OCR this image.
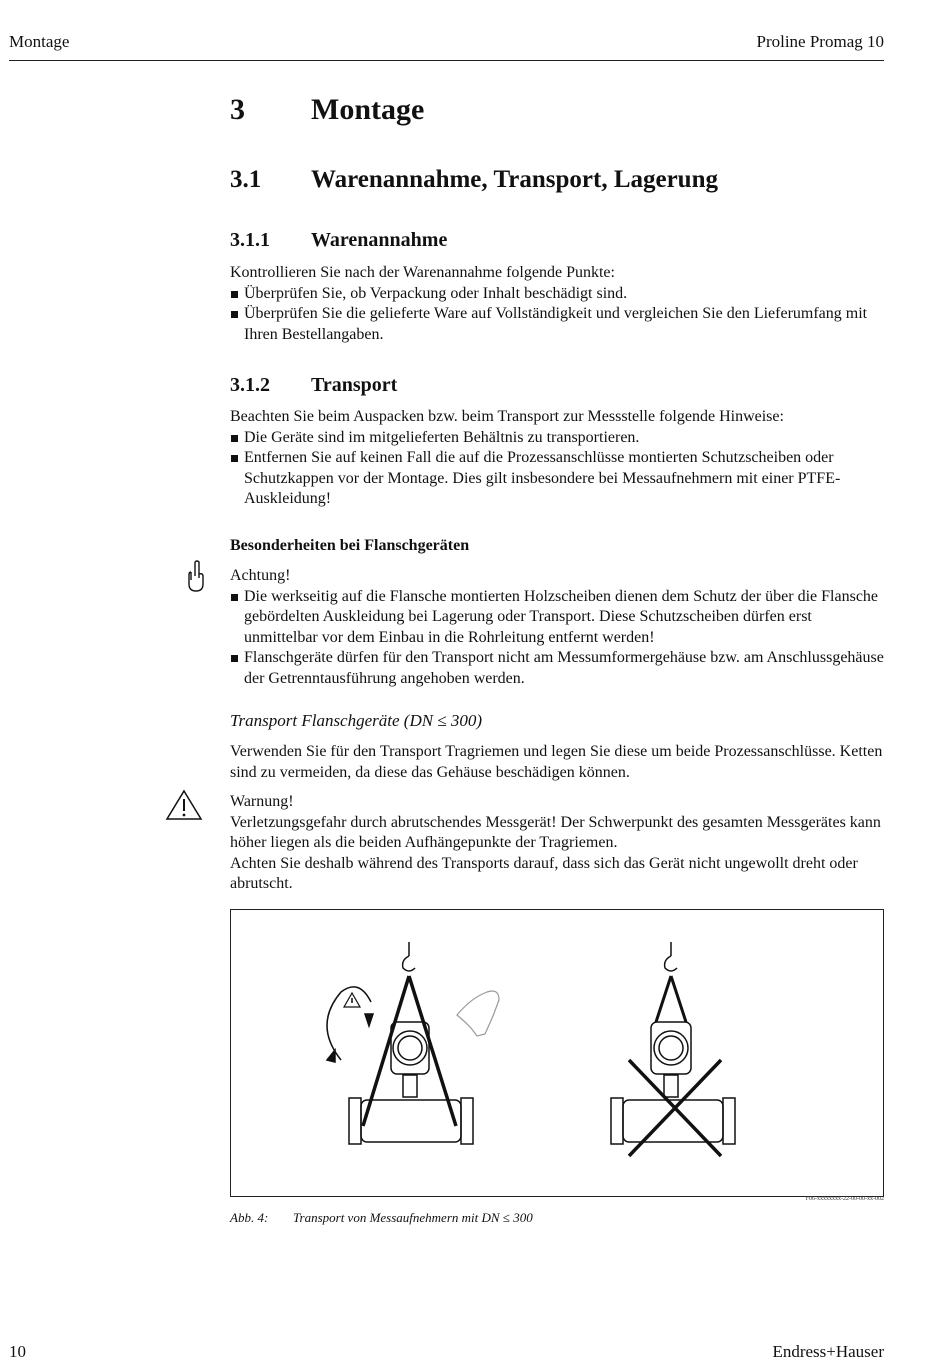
Montage	Proline Promag 10
3 Montage
3.1 Warenannahme, Transport, Lagerung
3.1.1 Warenannahme

Kontrollieren Sie nach der Warenannahme folgende Punkte:

Überprüfen Sie, ob Verpackung oder Inhalt beschädigt sind.
Überprüfen Sie die gelieferte Ware auf Vollständigkeit und vergleichen Sie den Lieferumfang mit Ihren Bestellangaben.
3.1.2 Transport

Beachten Sie beim Auspacken bzw. beim Transport zur Messstelle folgende Hinweise:

Die Geräte sind im mitgelieferten Behältnis zu transportieren.
Entfernen Sie auf keinen Fall die auf die Prozessanschlüsse montierten Schutzscheiben oder Schutzkappen vor der Montage. Dies gilt insbesondere bei Messaufnehmern mit einer PTFE-Auskleidung!
Besonderheiten bei Flanschgeräten

Achtung!

Die werkseitig auf die Flansche montierten Holzscheiben dienen dem Schutz der über die Flansche gebördelten Auskleidung bei Lagerung oder Transport. Diese Schutzscheiben dürfen erst unmittelbar vor dem Einbau in die Rohrleitung entfernt werden!
Flanschgeräte dürfen für den Transport nicht am Messumformergehäuse bzw. am Anschlussgehäuse der Getrenntausführung angehoben werden.
Transport Flanschgeräte (DN ≤ 300)

Verwenden Sie für den Transport Tragriemen und legen Sie diese um beide Prozessanschlüsse. Ketten sind zu vermeiden, da diese das Gehäuse beschädigen können.

Warnung!

Verletzungsgefahr durch abrutschendes Messgerät! Der Schwerpunkt des gesamten Messgerätes kann höher liegen als die beiden Aufhängepunkte der Tragriemen.

Achten Sie deshalb während des Transports darauf, dass sich das Gerät nicht ungewollt dreht oder abrutscht.

F06-xxxxxxxx-22-00-00-xx-002
Abb. 4: Transport von Messaufnehmern mit DN ≤ 300
10	Endress+Hauser
